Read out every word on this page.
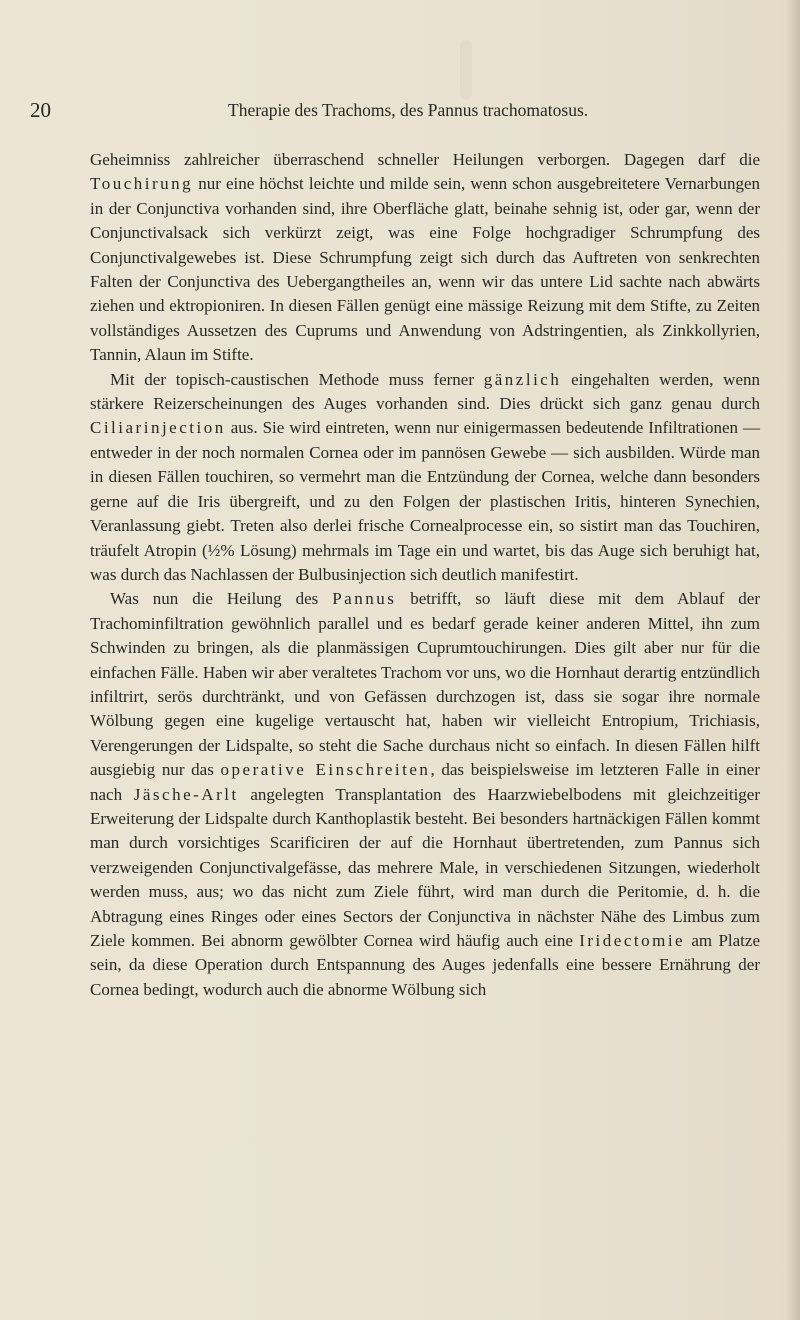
20	Therapie des Trachoms, des Pannus trachomatosus.

Geheimniss zahlreicher überraschend schneller Heilungen verborgen. Dagegen darf die Touchirung nur eine höchst leichte und milde sein, wenn schon ausgebreitetere Vernarbungen in der Conjunctiva vorhanden sind, ihre Oberfläche glatt, beinahe sehnig ist, oder gar, wenn der Conjunctivalsack sich verkürzt zeigt, was eine Folge hochgradiger Schrumpfung des Conjunctivalgewebes ist. Diese Schrumpfung zeigt sich durch das Auftreten von senkrechten Falten der Conjunctiva des Uebergangtheiles an, wenn wir das untere Lid sachte nach abwärts ziehen und ektropioniren. In diesen Fällen genügt eine mässige Reizung mit dem Stifte, zu Zeiten vollständiges Aussetzen des Cuprums und Anwendung von Adstringentien, als Zinkkollyrien, Tannin, Alaun im Stifte.

Mit der topisch-caustischen Methode muss ferner gänzlich eingehalten werden, wenn stärkere Reizerscheinungen des Auges vorhanden sind. Dies drückt sich ganz genau durch Ciliarinjection aus. Sie wird eintreten, wenn nur einigermassen bedeutende Infiltrationen — entweder in der noch normalen Cornea oder im pannösen Gewebe — sich ausbilden. Würde man in diesen Fällen touchiren, so vermehrt man die Entzündung der Cornea, welche dann besonders gerne auf die Iris übergreift, und zu den Folgen der plastischen Iritis, hinteren Synechien, Veranlassung giebt. Treten also derlei frische Cornealprocesse ein, so sistirt man das Touchiren, träufelt Atropin (½% Lösung) mehrmals im Tage ein und wartet, bis das Auge sich beruhigt hat, was durch das Nachlassen der Bulbusinjection sich deutlich manifestirt.

Was nun die Heilung des Pannus betrifft, so läuft diese mit dem Ablauf der Trachominfiltration gewöhnlich parallel und es bedarf gerade keiner anderen Mittel, ihn zum Schwinden zu bringen, als die planmässigen Cuprumtouchirungen. Dies gilt aber nur für die einfachen Fälle. Haben wir aber veraltetes Trachom vor uns, wo die Hornhaut derartig entzündlich infiltrirt, serös durchtränkt, und von Gefässen durchzogen ist, dass sie sogar ihre normale Wölbung gegen eine kugelige vertauscht hat, haben wir vielleicht Entropium, Trichiasis, Verengerungen der Lidspalte, so steht die Sache durchaus nicht so einfach. In diesen Fällen hilft ausgiebig nur das operative Einschreiten, das beispielsweise im letzteren Falle in einer nach Jäsche-Arlt angelegten Transplantation des Haarzwiebelbodens mit gleichzeitiger Erweiterung der Lidspalte durch Kanthoplastik besteht. Bei besonders hartnäckigen Fällen kommt man durch vorsichtiges Scarificiren der auf die Hornhaut übertretenden, zum Pannus sich verzweigenden Conjunctivalgefässe, das mehrere Male, in verschiedenen Sitzungen, wiederholt werden muss, aus; wo das nicht zum Ziele führt, wird man durch die Peritomie, d. h. die Abtragung eines Ringes oder eines Sectors der Conjunctiva in nächster Nähe des Limbus zum Ziele kommen. Bei abnorm gewölbter Cornea wird häufig auch eine Iridectomie am Platze sein, da diese Operation durch Entspannung des Auges jedenfalls eine bessere Ernährung der Cornea bedingt, wodurch auch die abnorme Wölbung sich
